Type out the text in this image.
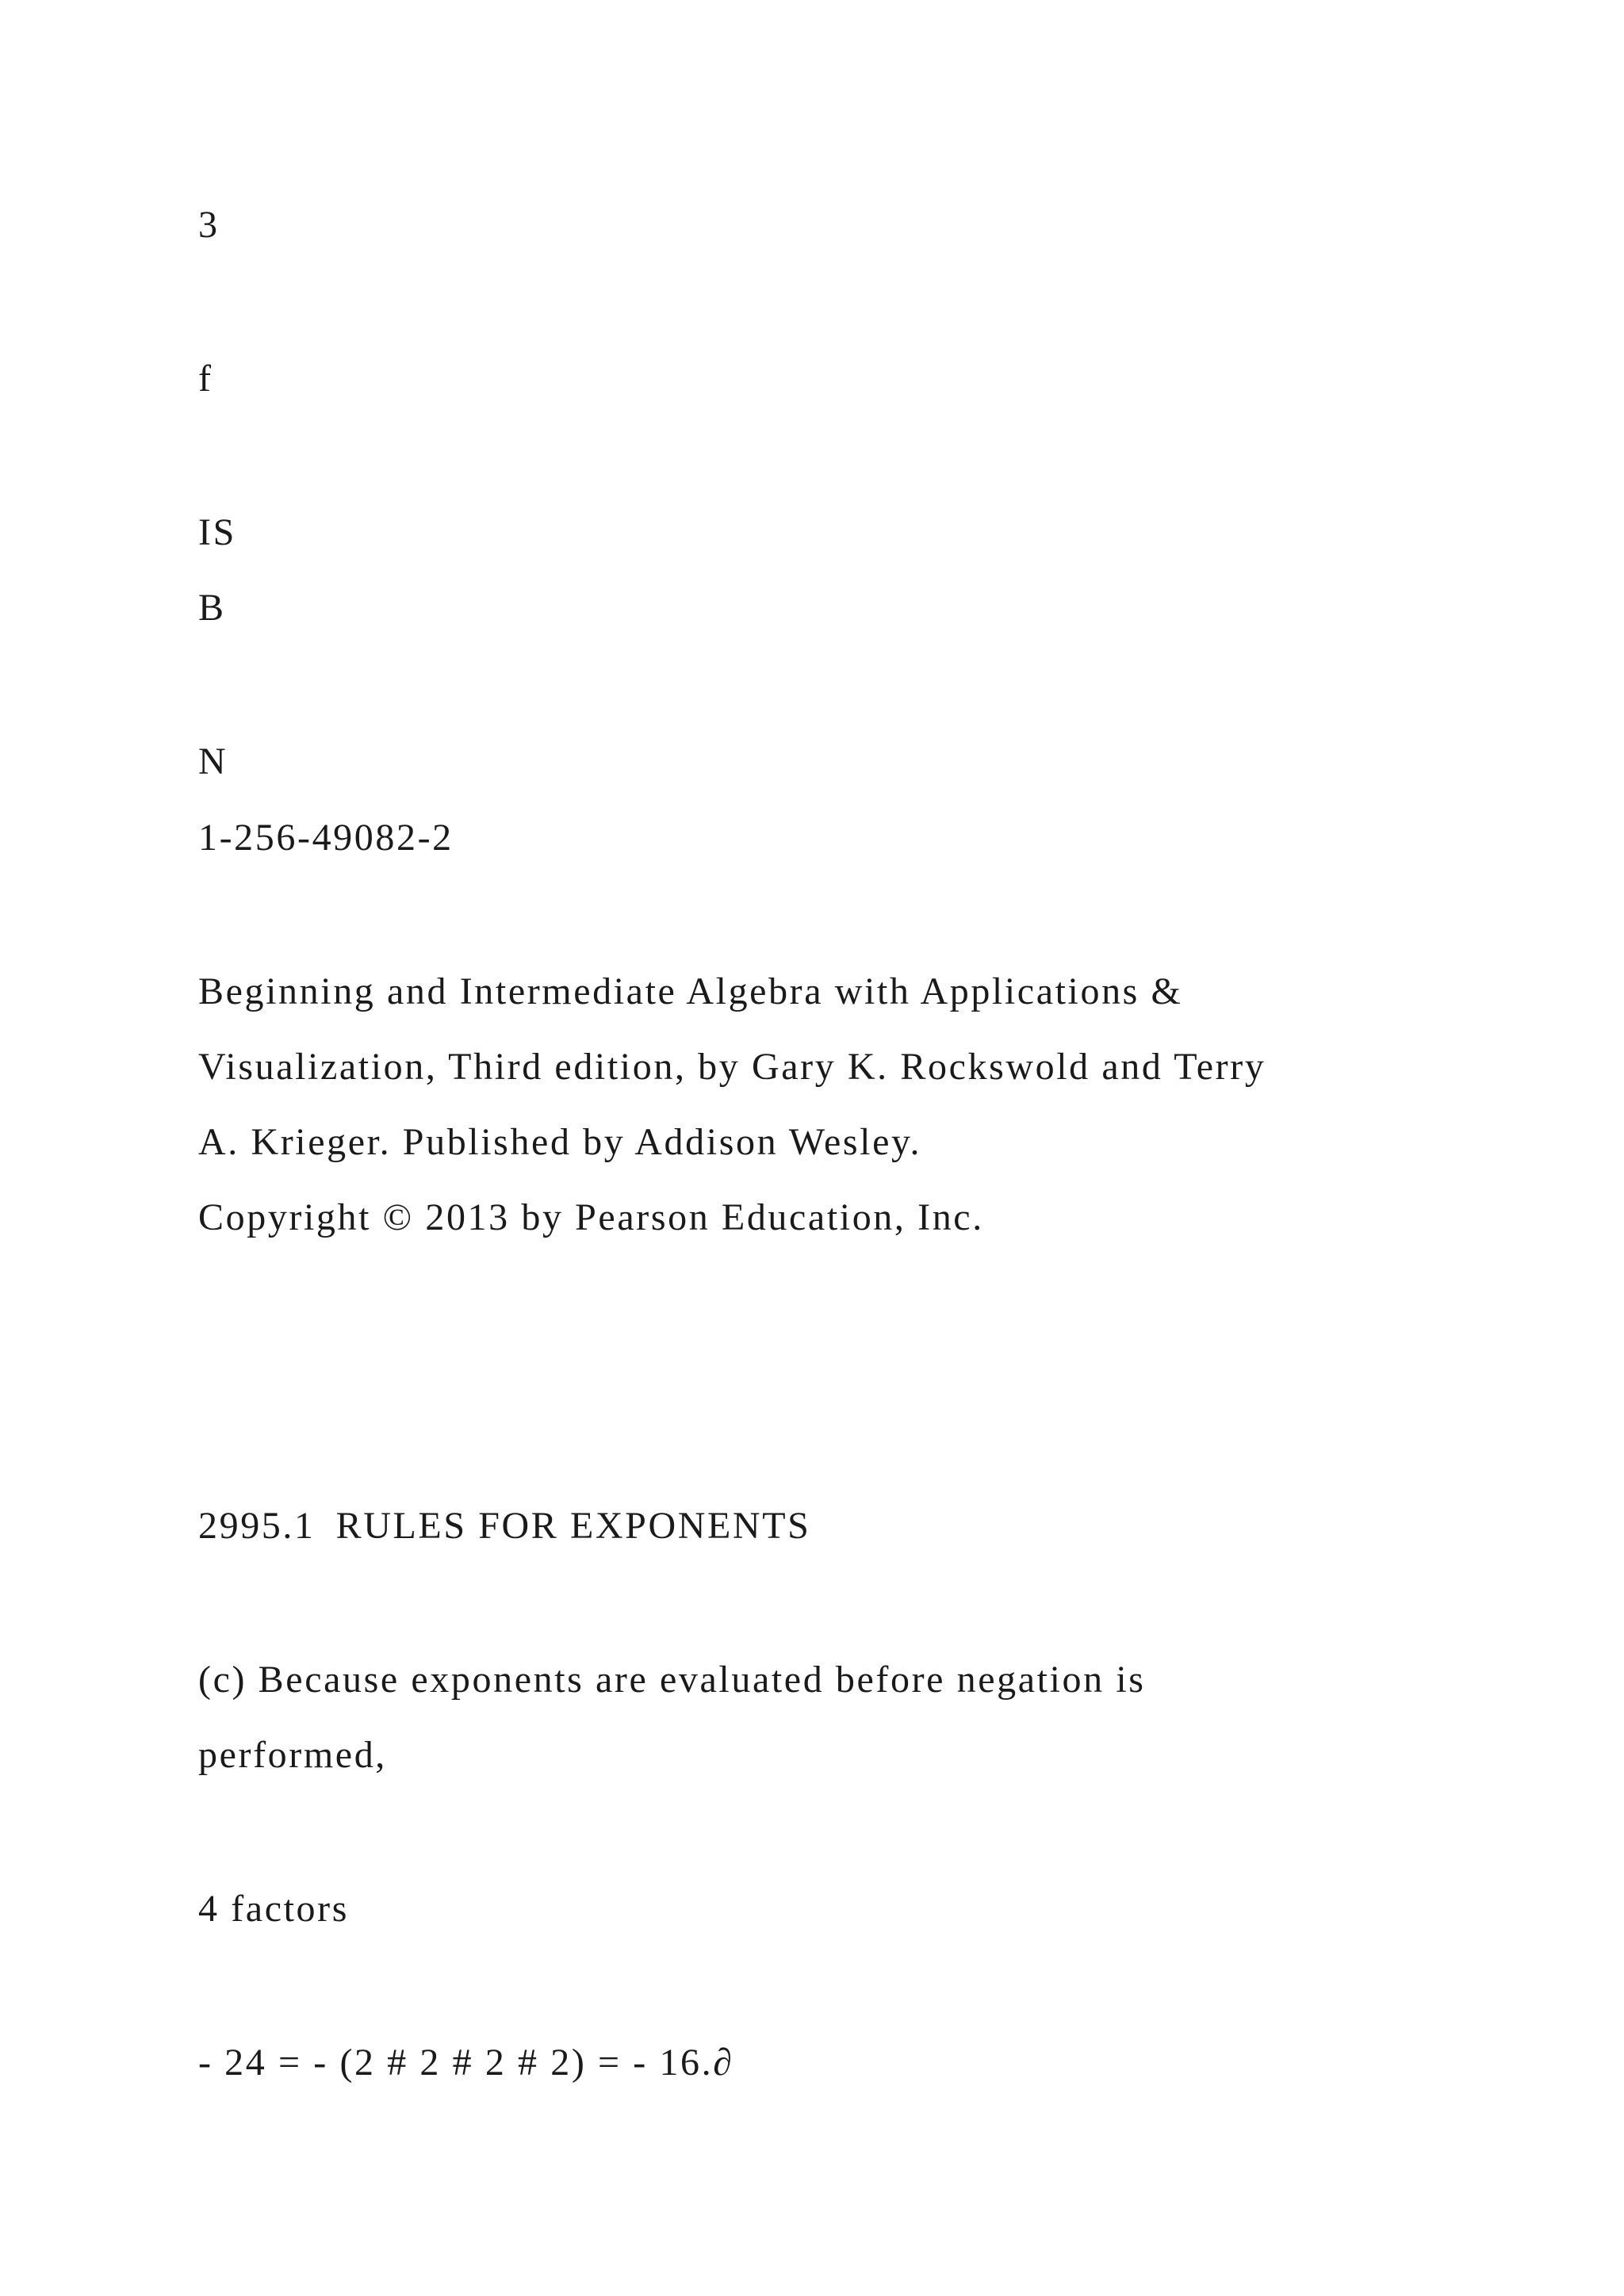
3

f

IS

B

N

1-256-49082-2

Beginning and Intermediate Algebra with Applications &

Visualization, Third edition, by Gary K. Rockswold and Terry

A. Krieger. Published by Addison Wesley.

Copyright © 2013 by Pearson Education, Inc.

2995.1 RULES FOR EXPONENTS

(c) Because exponents are evaluated before negation is

performed,

4 factors

- 24 = - (2 # 2 # 2 # 2) = - 16.∂
